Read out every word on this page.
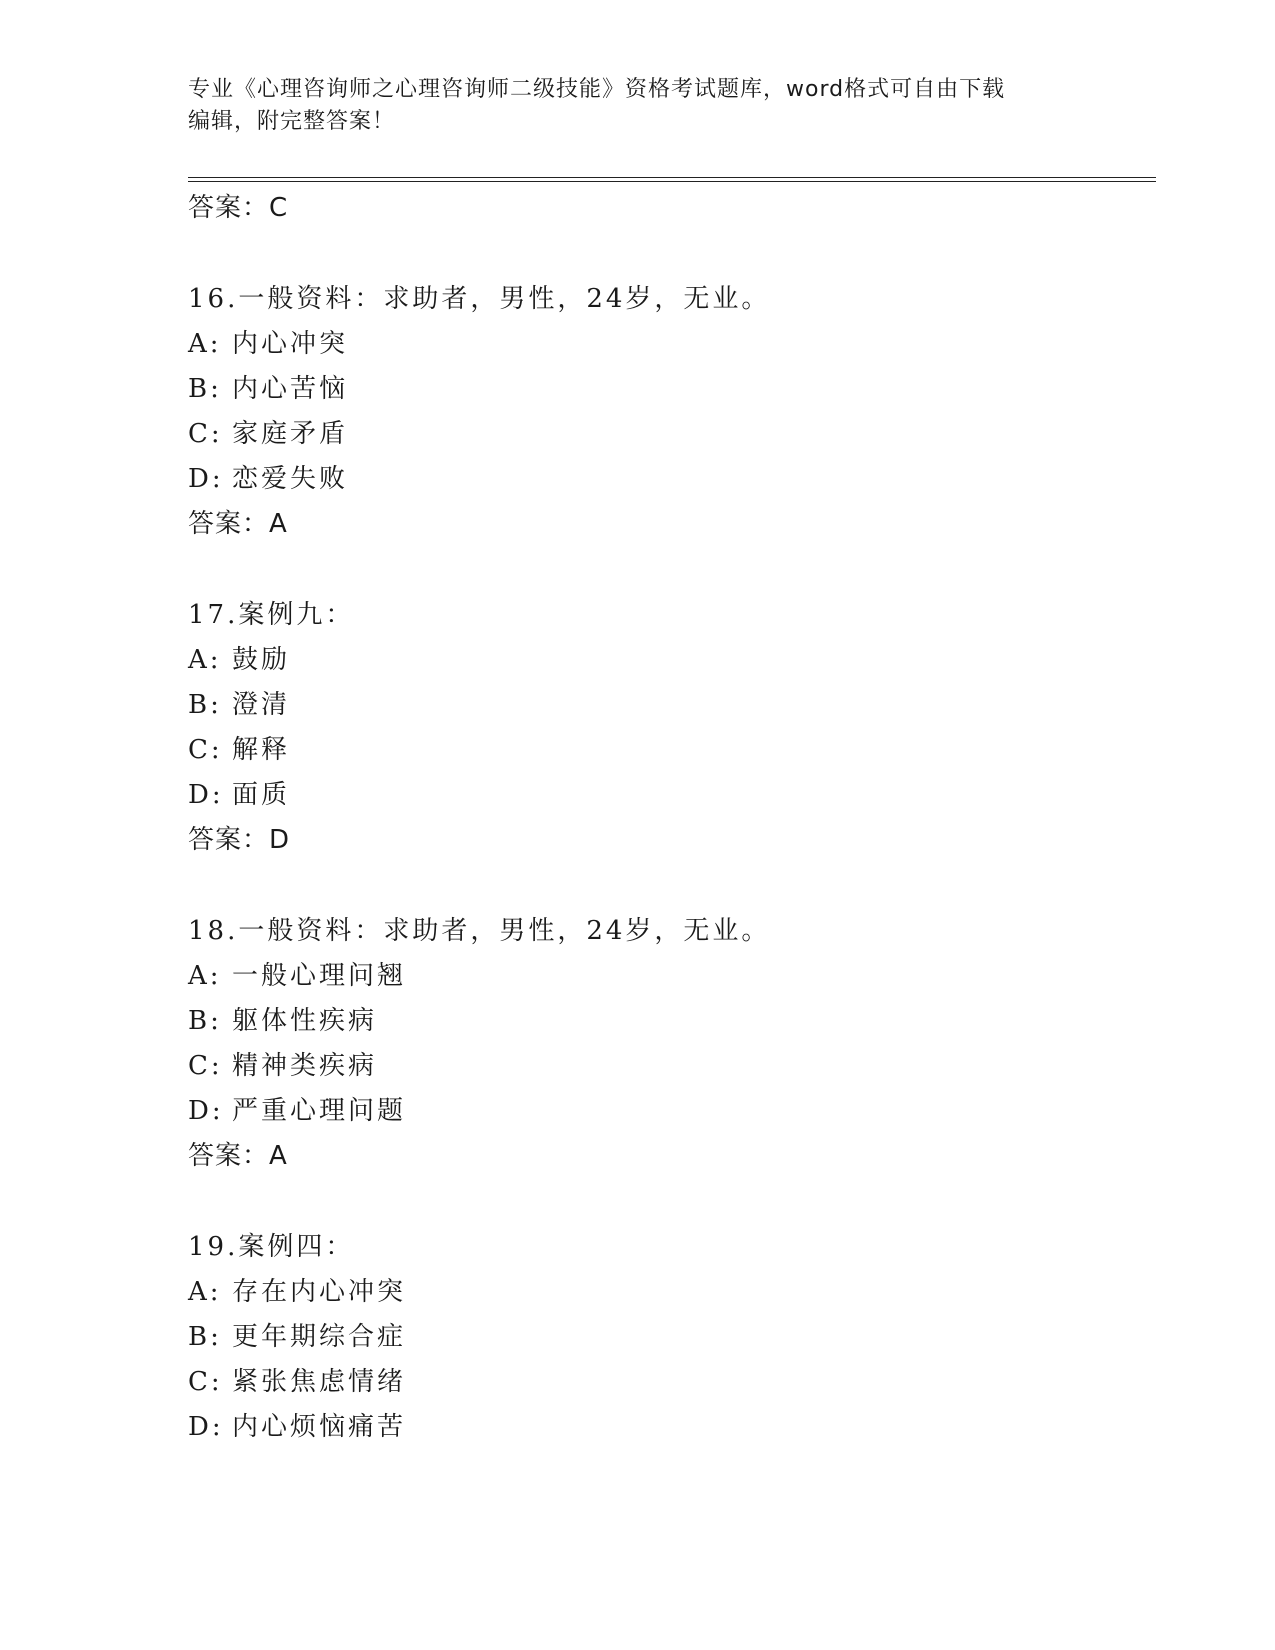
专业《心理咨询师之心理咨询师二级技能》资格考试题库，word格式可自由下载
编辑，附完整答案！
答案：C
16.一般资料：求助者，男性，24岁，无业。
A: 内心冲突
B: 内心苦恼
C: 家庭矛盾
D: 恋爱失败
答案：A
17.案例九：
A: 鼓励
B: 澄清
C: 解释
D: 面质
答案：D
18.一般资料：求助者，男性，24岁，无业。
A: 一般心理问翘
B: 躯体性疾病
C: 精神类疾病
D: 严重心理问题
答案：A
19.案例四：
A: 存在内心冲突
B: 更年期综合症
C: 紧张焦虑情绪
D: 内心烦恼痛苦
